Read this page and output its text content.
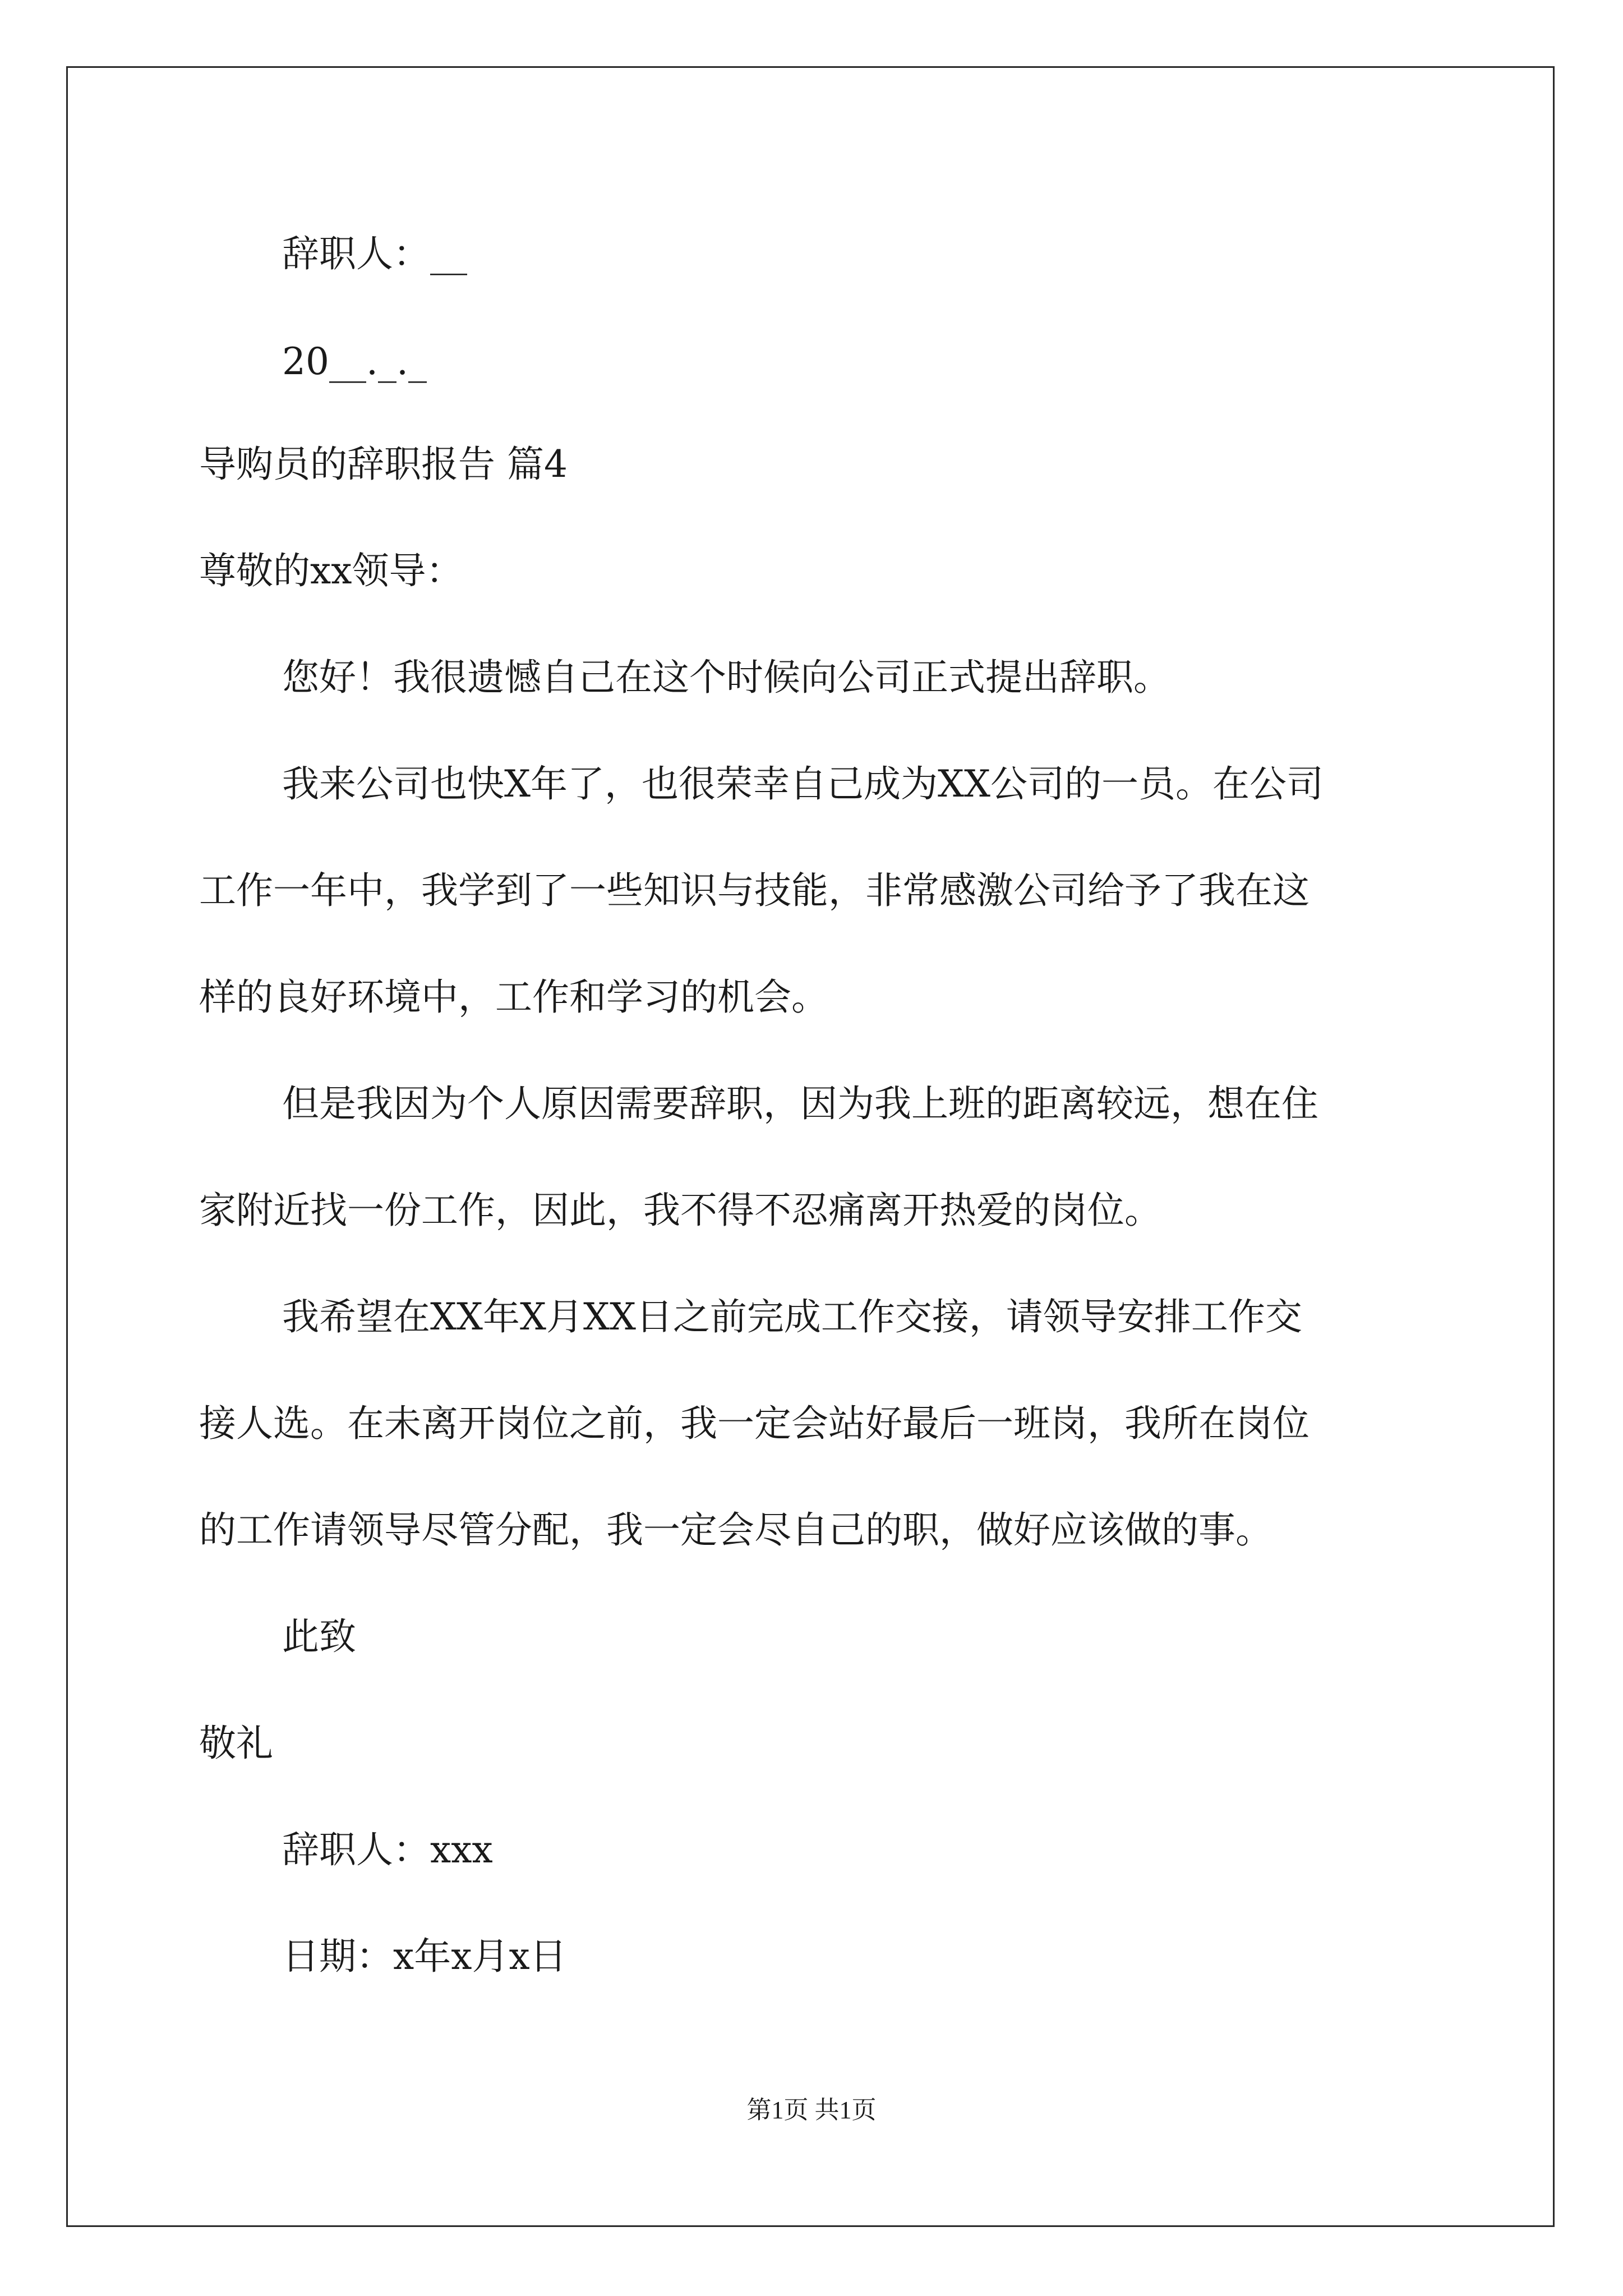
辞职人：__
20__._._
导购员的辞职报告 篇4
尊敬的xx领导：
您好！我很遗憾自己在这个时候向公司正式提出辞职。
我来公司也快X年了，也很荣幸自己成为XX公司的一员。在公司
工作一年中，我学到了一些知识与技能，非常感激公司给予了我在这
样的良好环境中，工作和学习的机会。
但是我因为个人原因需要辞职，因为我上班的距离较远，想在住
家附近找一份工作，因此，我不得不忍痛离开热爱的岗位。
我希望在XX年X月XX日之前完成工作交接，请领导安排工作交
接人选。在未离开岗位之前，我一定会站好最后一班岗，我所在岗位
的工作请领导尽管分配，我一定会尽自己的职，做好应该做的事。
此致
敬礼
辞职人：xxx
日期：x年x月x日
第1页 共1页
